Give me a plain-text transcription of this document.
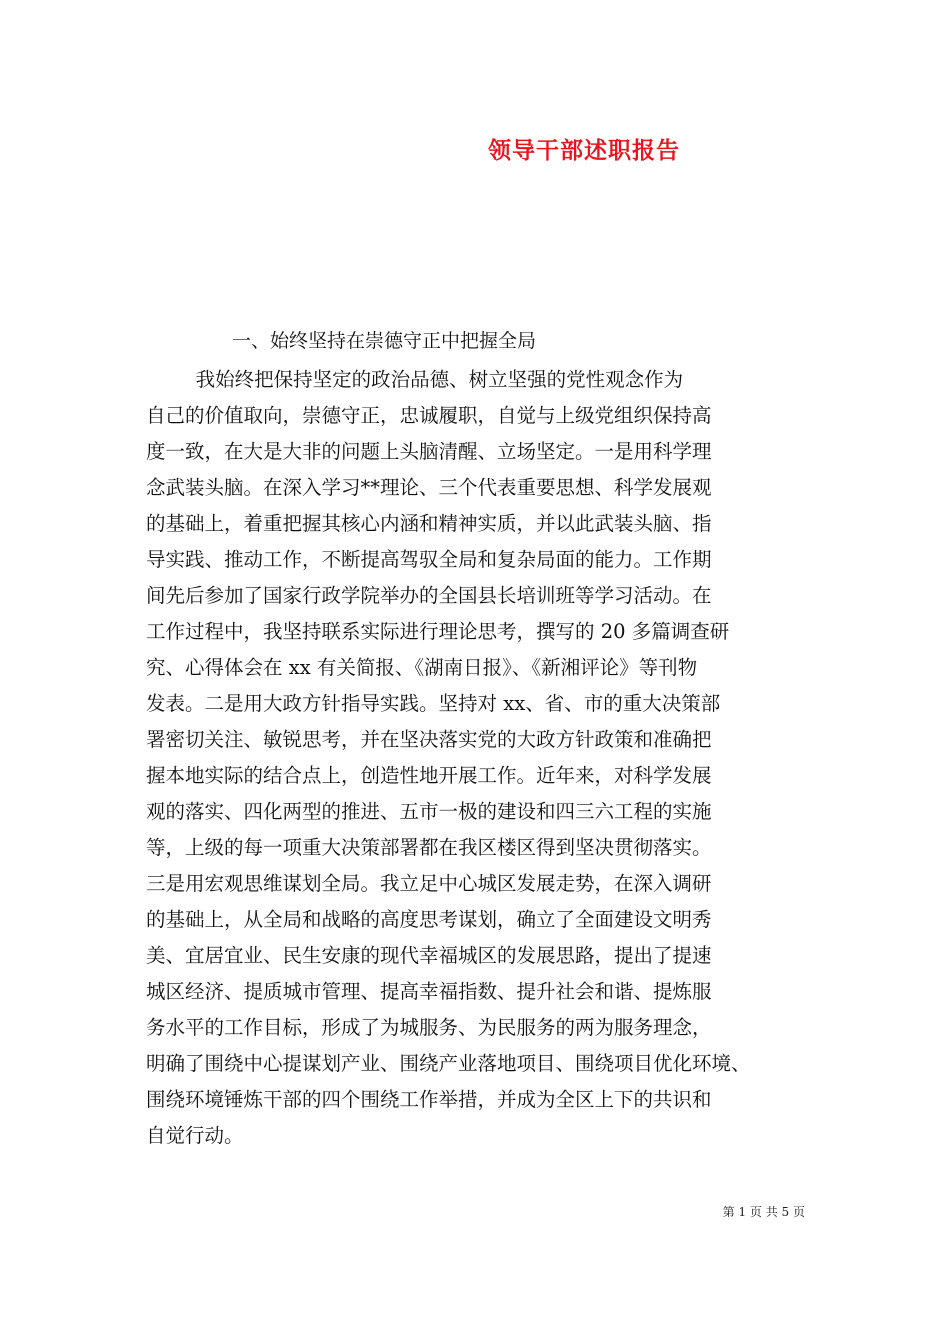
领导干部述职报告
一、始终坚持在崇德守正中把握全局
我始终把保持坚定的政治品德、树立坚强的党性观念作为
自己的价值取向，崇德守正，忠诚履职，自觉与上级党组织保持高
度一致，在大是大非的问题上头脑清醒、立场坚定。一是用科学理
念武装头脑。在深入学习**理论、三个代表重要思想、科学发展观
的基础上，着重把握其核心内涵和精神实质，并以此武装头脑、指
导实践、推动工作，不断提高驾驭全局和复杂局面的能力。工作期
间先后参加了国家行政学院举办的全国县长培训班等学习活动。在
工作过程中，我坚持联系实际进行理论思考，撰写的 20 多篇调查研
究、心得体会在 xx 有关简报、《湖南日报》、《新湘评论》等刊物
发表。二是用大政方针指导实践。坚持对 xx、省、市的重大决策部
署密切关注、敏锐思考，并在坚决落实党的大政方针政策和准确把
握本地实际的结合点上，创造性地开展工作。近年来，对科学发展
观的落实、四化两型的推进、五市一极的建设和四三六工程的实施
等，上级的每一项重大决策部署都在我区楼区得到坚决贯彻落实。
三是用宏观思维谋划全局。我立足中心城区发展走势，在深入调研
的基础上，从全局和战略的高度思考谋划，确立了全面建设文明秀
美、宜居宜业、民生安康的现代幸福城区的发展思路，提出了提速
城区经济、提质城市管理、提高幸福指数、提升社会和谐、提炼服
务水平的工作目标，形成了为城服务、为民服务的两为服务理念，
明确了围绕中心提谋划产业、围绕产业落地项目、围绕项目优化环境、
围绕环境锤炼干部的四个围绕工作举措，并成为全区上下的共识和
自觉行动。
第 1 页 共 5 页
